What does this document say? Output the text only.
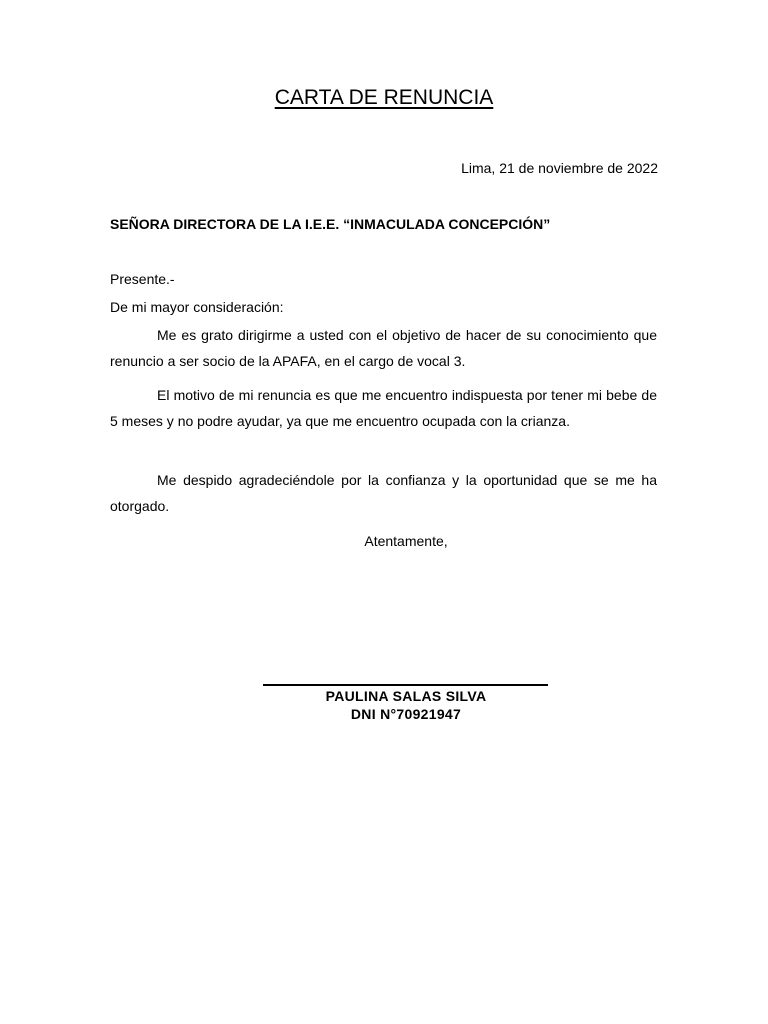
CARTA DE RENUNCIA
Lima, 21 de noviembre de 2022
SEÑORA DIRECTORA DE LA I.E.E. “INMACULADA CONCEPCIÓN”
Presente.-
De mi mayor consideración:

Me es grato dirigirme a usted con el objetivo de hacer de su conocimiento que renuncio a ser socio de la APAFA, en el cargo de vocal 3.

El motivo de mi renuncia es que me encuentro indispuesta por tener mi bebe de 5 meses y no podre ayudar, ya que me encuentro ocupada con la crianza.

Me despido agradeciéndole por la confianza y la oportunidad que se me ha otorgado.

Atentamente,
PAULINA SALAS SILVA
DNI N°70921947
